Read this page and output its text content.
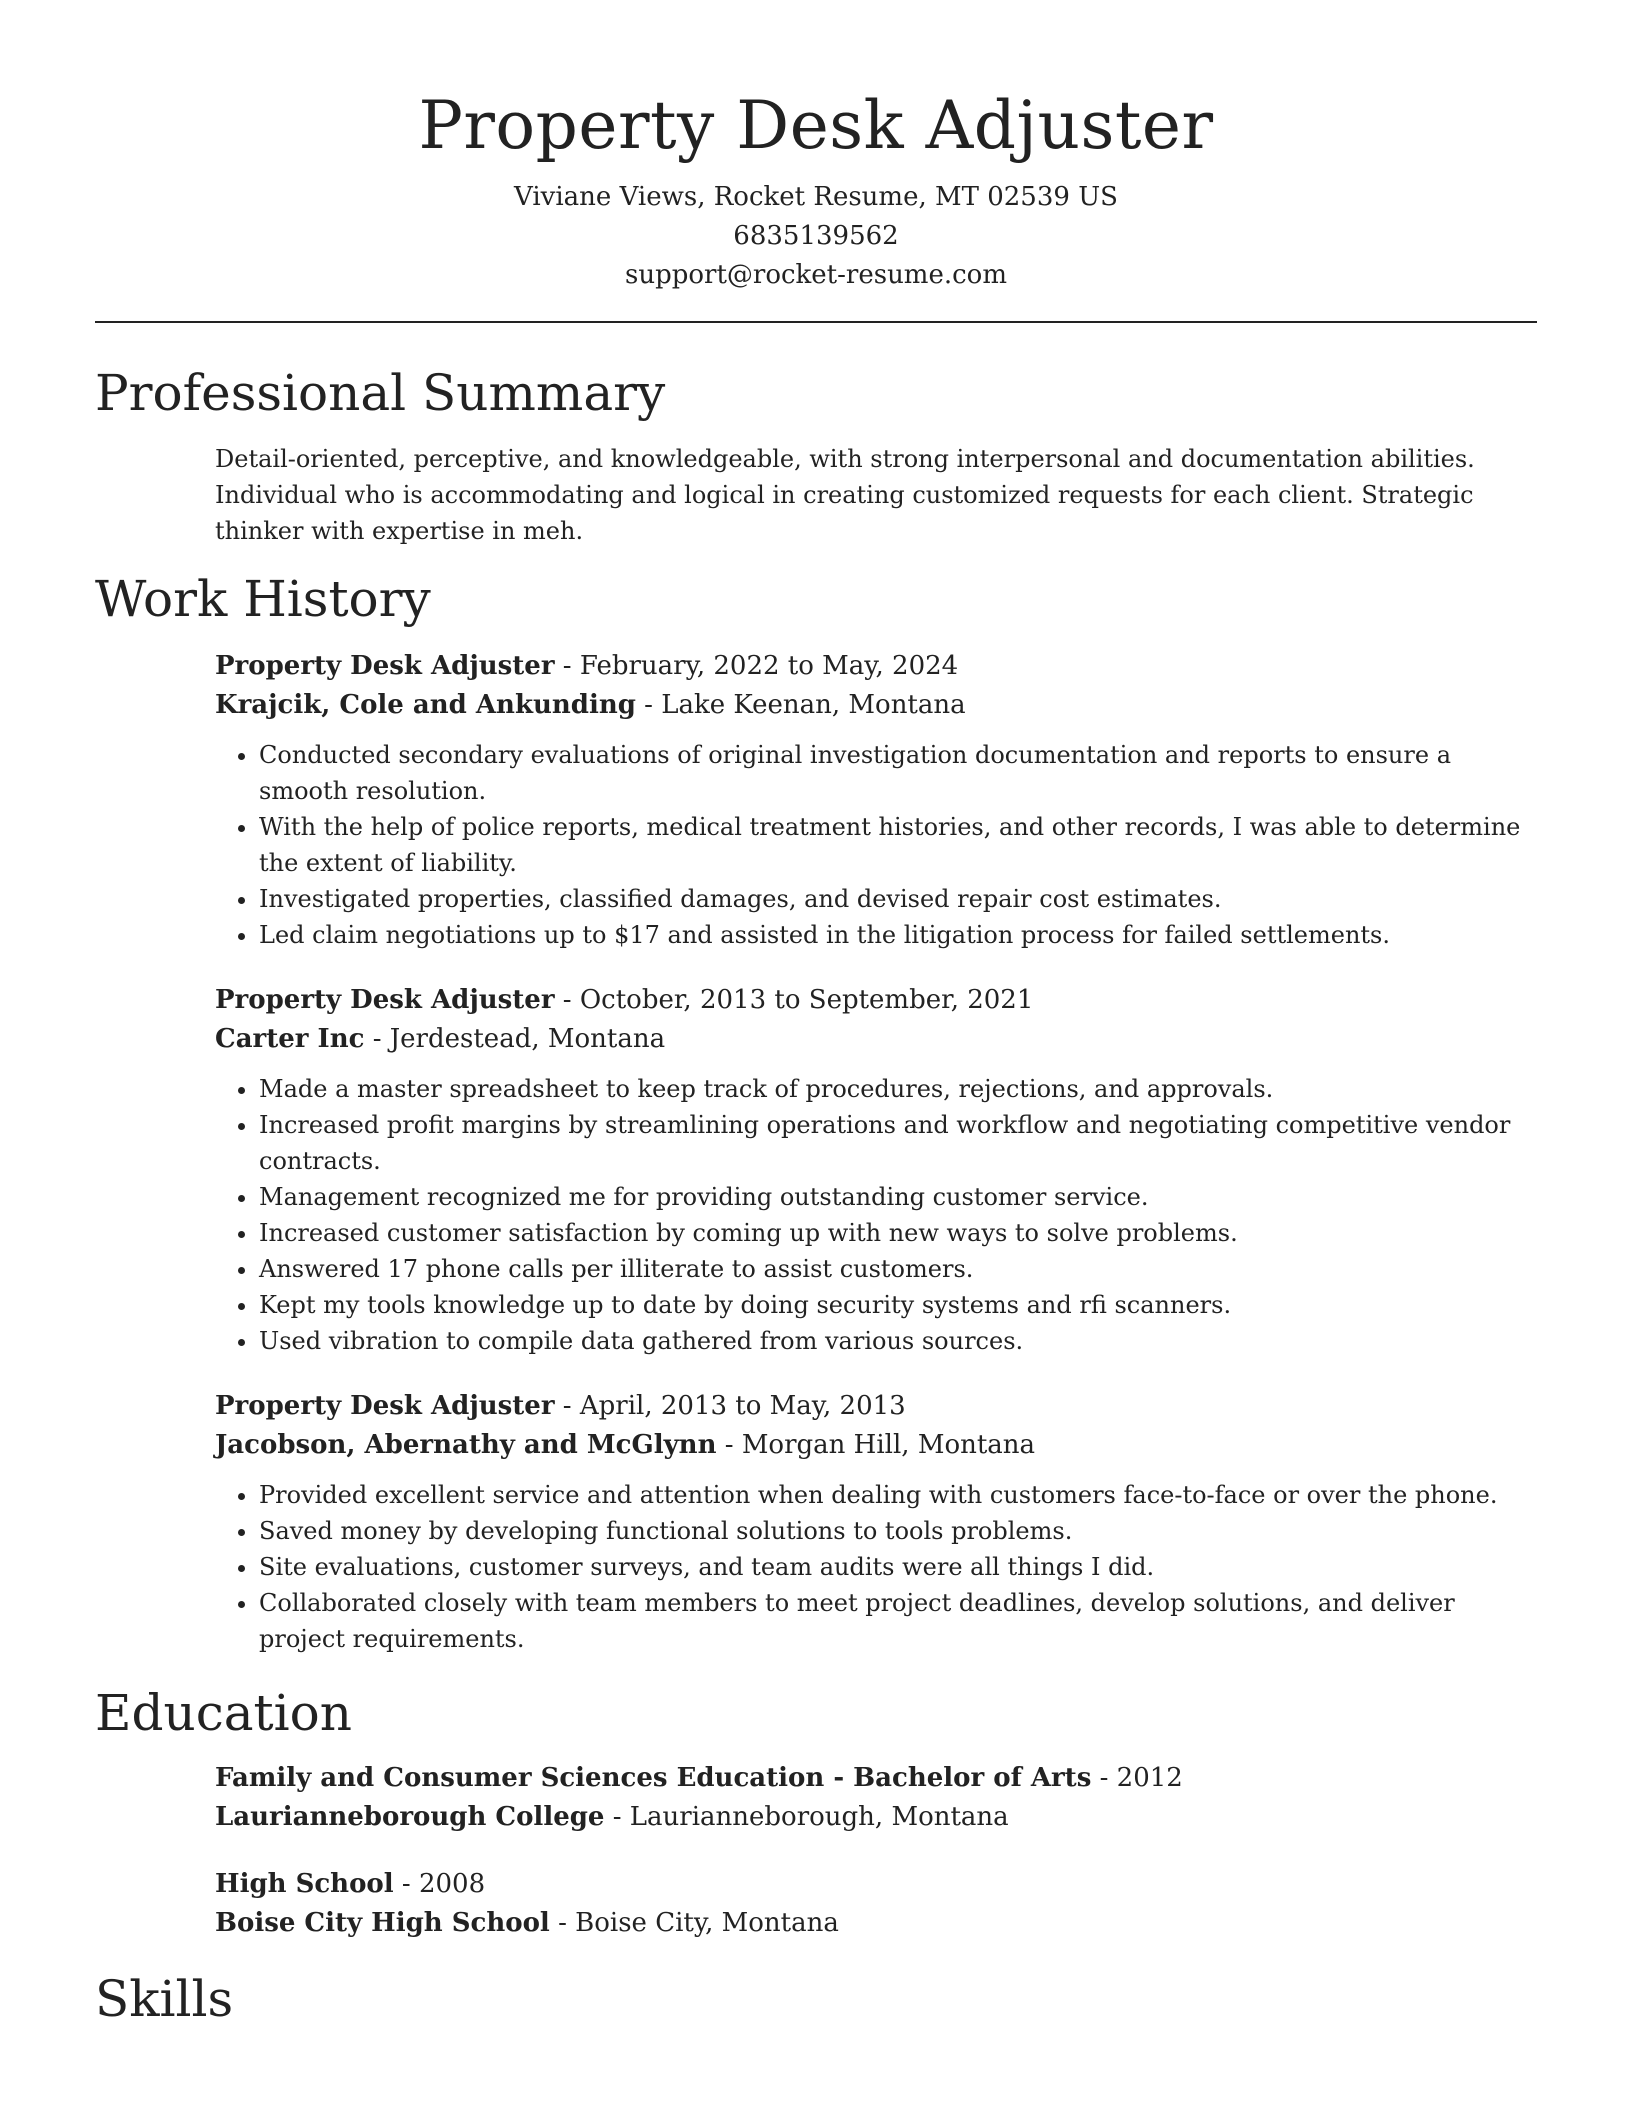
Property Desk Adjuster
Viviane Views, Rocket Resume, MT 02539 US
6835139562
support@rocket-resume.com
Professional Summary

Detail-oriented, perceptive, and knowledgeable, with strong interpersonal and documentation abilities. Individual who is accommodating and logical in creating customized requests for each client. Strategic thinker with expertise in meh.

Work History
Property Desk Adjuster - February, 2022 to May, 2024
Krajcik, Cole and Ankunding - Lake Keenan, Montana
• Conducted secondary evaluations of original investigation documentation and reports to ensure a smooth resolution.
• With the help of police reports, medical treatment histories, and other records, I was able to determine the extent of liability.
• Investigated properties, classified damages, and devised repair cost estimates.
• Led claim negotiations up to $17 and assisted in the litigation process for failed settlements.
Property Desk Adjuster - October, 2013 to September, 2021
Carter Inc - Jerdestead, Montana
• Made a master spreadsheet to keep track of procedures, rejections, and approvals.
• Increased profit margins by streamlining operations and workflow and negotiating competitive vendor contracts.
• Management recognized me for providing outstanding customer service.
• Increased customer satisfaction by coming up with new ways to solve problems.
• Answered 17 phone calls per illiterate to assist customers.
• Kept my tools knowledge up to date by doing security systems and rfi scanners.
• Used vibration to compile data gathered from various sources.
Property Desk Adjuster - April, 2013 to May, 2013
Jacobson, Abernathy and McGlynn - Morgan Hill, Montana
• Provided excellent service and attention when dealing with customers face-to-face or over the phone.
• Saved money by developing functional solutions to tools problems.
• Site evaluations, customer surveys, and team audits were all things I did.
• Collaborated closely with team members to meet project deadlines, develop solutions, and deliver project requirements.
Education
Family and Consumer Sciences Education - Bachelor of Arts - 2012
Laurianneborough College - Laurianneborough, Montana
High School - 2008
Boise City High School - Boise City, Montana
Skills
